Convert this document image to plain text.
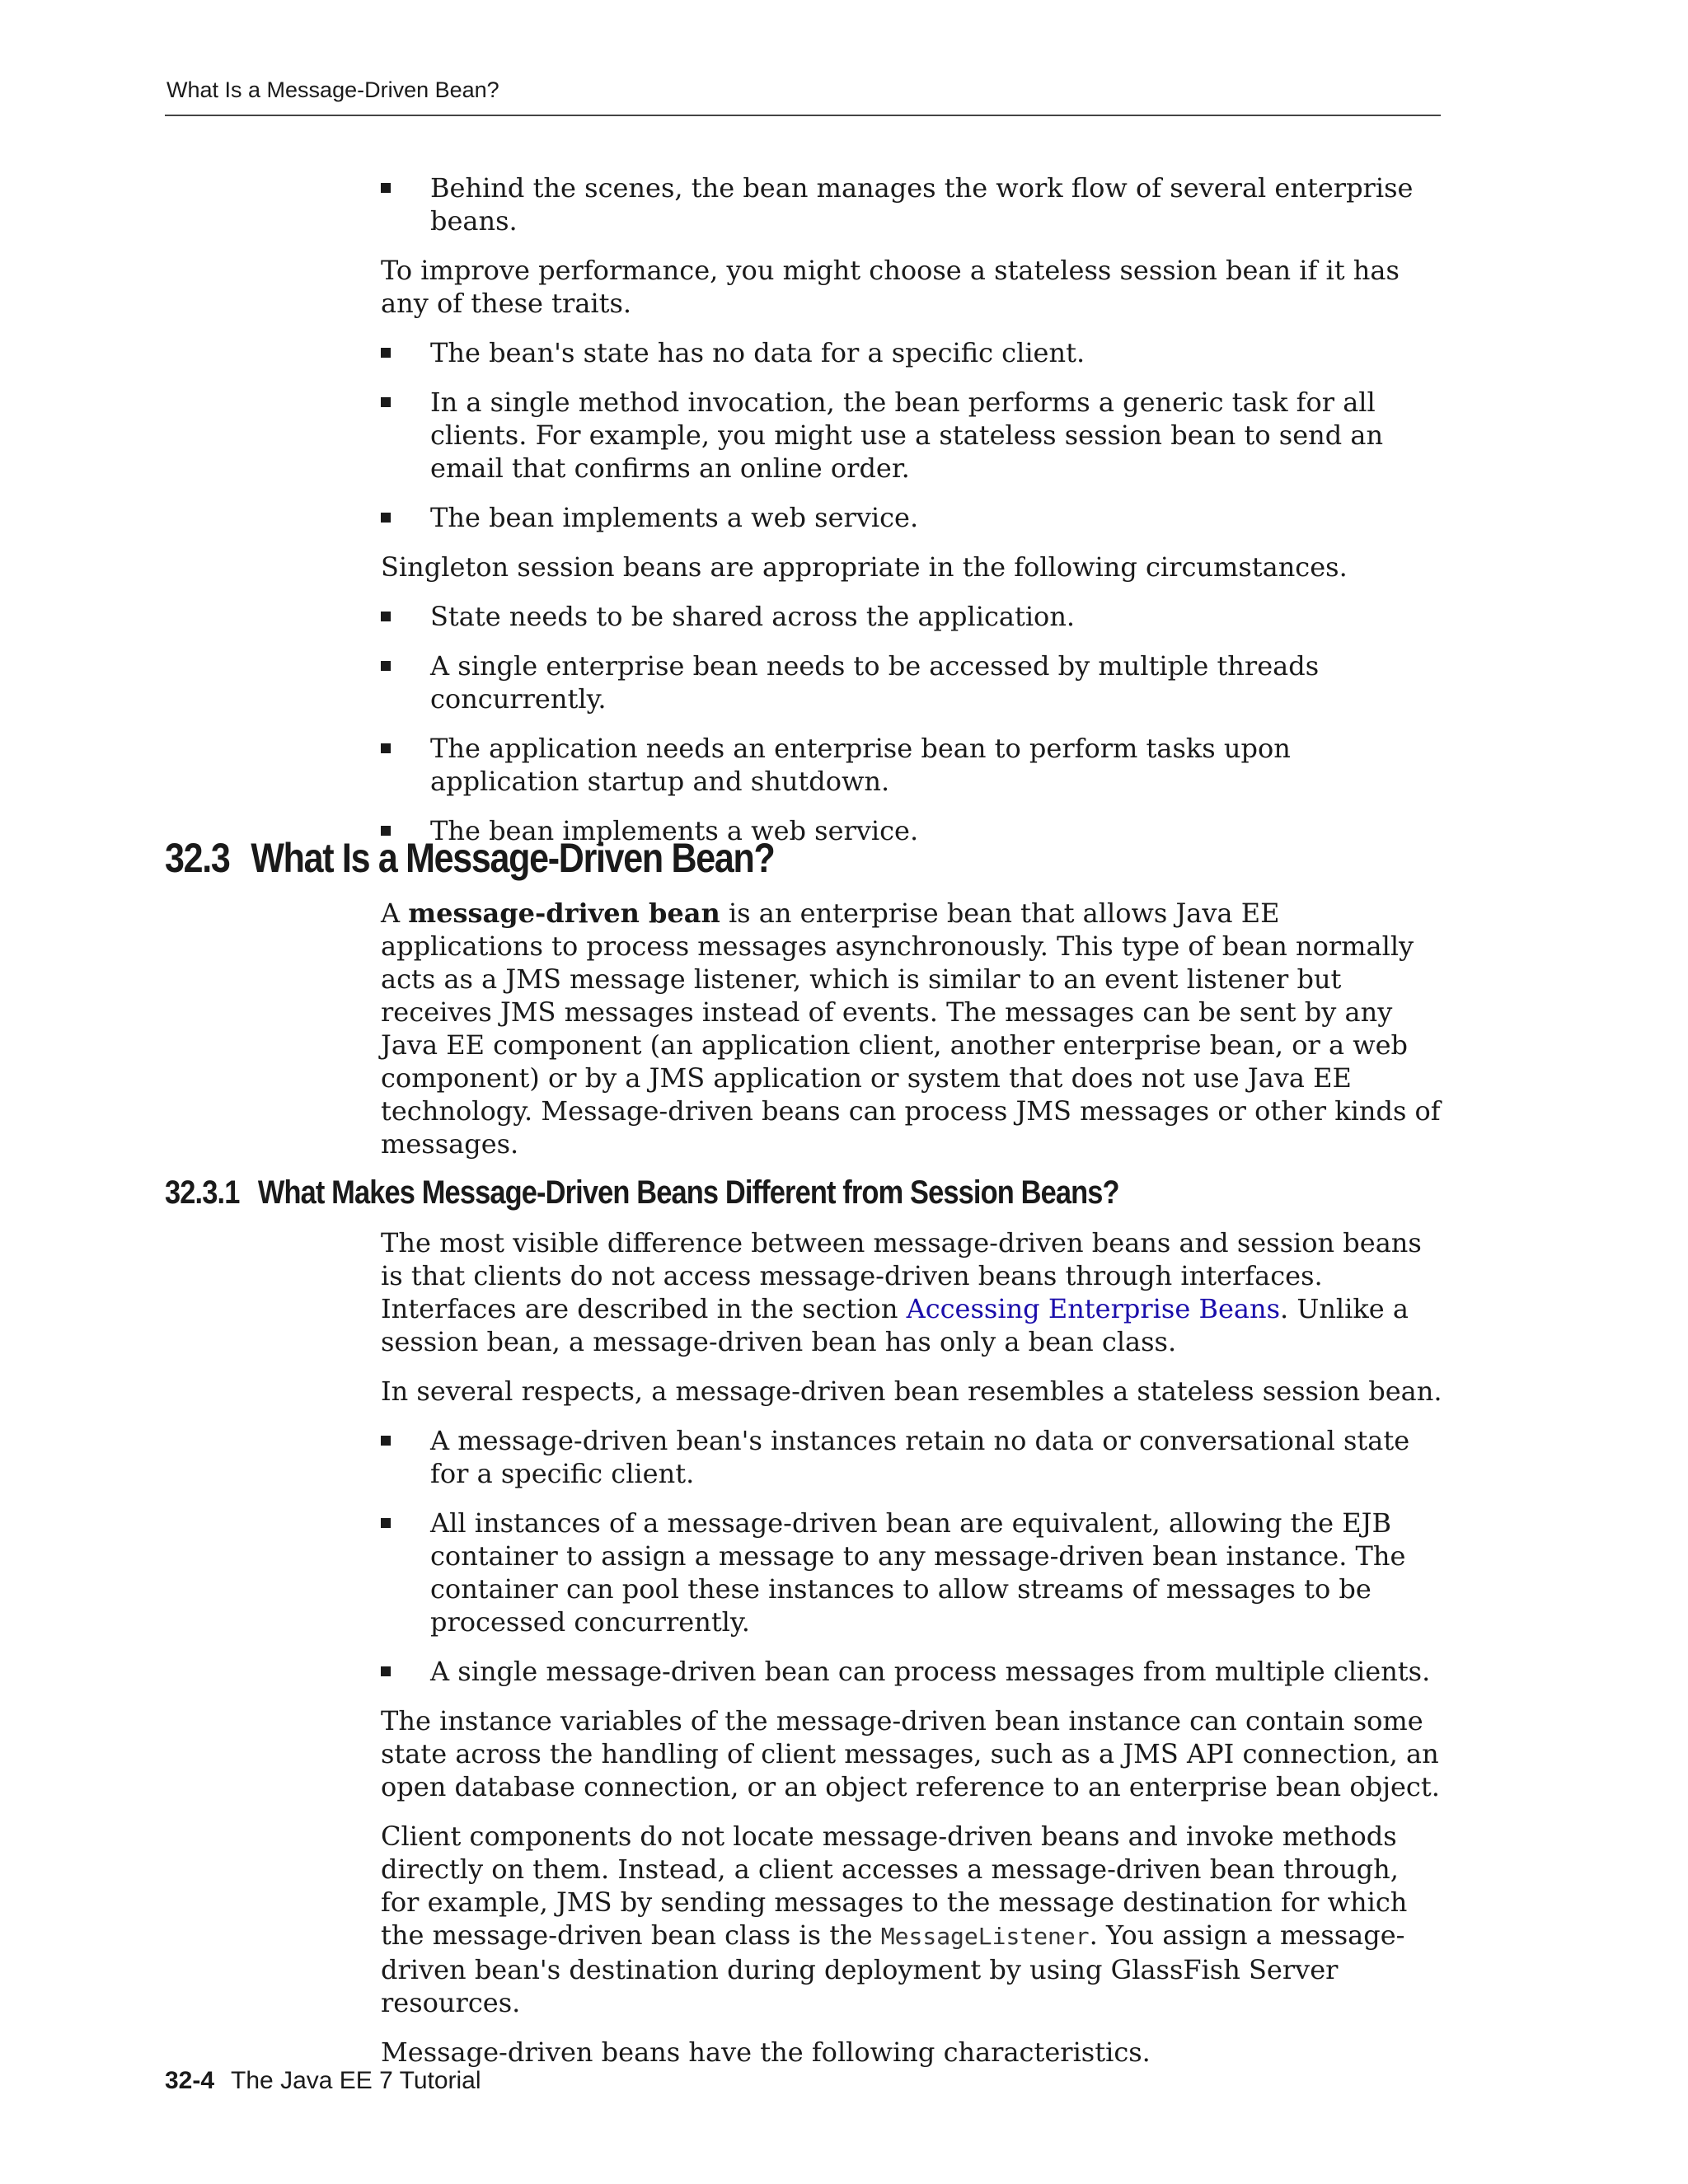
What Is a Message-Driven Bean?
Behind the scenes, the bean manages the work flow of several enterprise beans.

To improve performance, you might choose a stateless session bean if it has any of these traits.

The bean's state has no data for a specific client.
In a single method invocation, the bean performs a generic task for all clients. For example, you might use a stateless session bean to send an email that confirms an online order.
The bean implements a web service.

Singleton session beans are appropriate in the following circumstances.

State needs to be shared across the application.
A single enterprise bean needs to be accessed by multiple threads concurrently.
The application needs an enterprise bean to perform tasks upon application startup and shutdown.
The bean implements a web service.
32.3 What Is a Message-Driven Bean?

A message-driven bean is an enterprise bean that allows Java EE applications to process messages asynchronously. This type of bean normally acts as a JMS message listener, which is similar to an event listener but receives JMS messages instead of events. The messages can be sent by any Java EE component (an application client, another enterprise bean, or a web component) or by a JMS application or system that does not use Java EE technology. Message-driven beans can process JMS messages or other kinds of messages.

32.3.1 What Makes Message-Driven Beans Different from Session Beans?

The most visible difference between message-driven beans and session beans is that clients do not access message-driven beans through interfaces. Interfaces are described in the section Accessing Enterprise Beans. Unlike a session bean, a message-driven bean has only a bean class.

In several respects, a message-driven bean resembles a stateless session bean.

A message-driven bean's instances retain no data or conversational state for a specific client.
All instances of a message-driven bean are equivalent, allowing the EJB container to assign a message to any message-driven bean instance. The container can pool these instances to allow streams of messages to be processed concurrently.
A single message-driven bean can process messages from multiple clients.

The instance variables of the message-driven bean instance can contain some state across the handling of client messages, such as a JMS API connection, an open database connection, or an object reference to an enterprise bean object.

Client components do not locate message-driven beans and invoke methods directly on them. Instead, a client accesses a message-driven bean through, for example, JMS by sending messages to the message destination for which the message-driven bean class is the MessageListener. You assign a message-driven bean's destination during deployment by using GlassFish Server resources.

Message-driven beans have the following characteristics.

32-4 The Java EE 7 Tutorial
